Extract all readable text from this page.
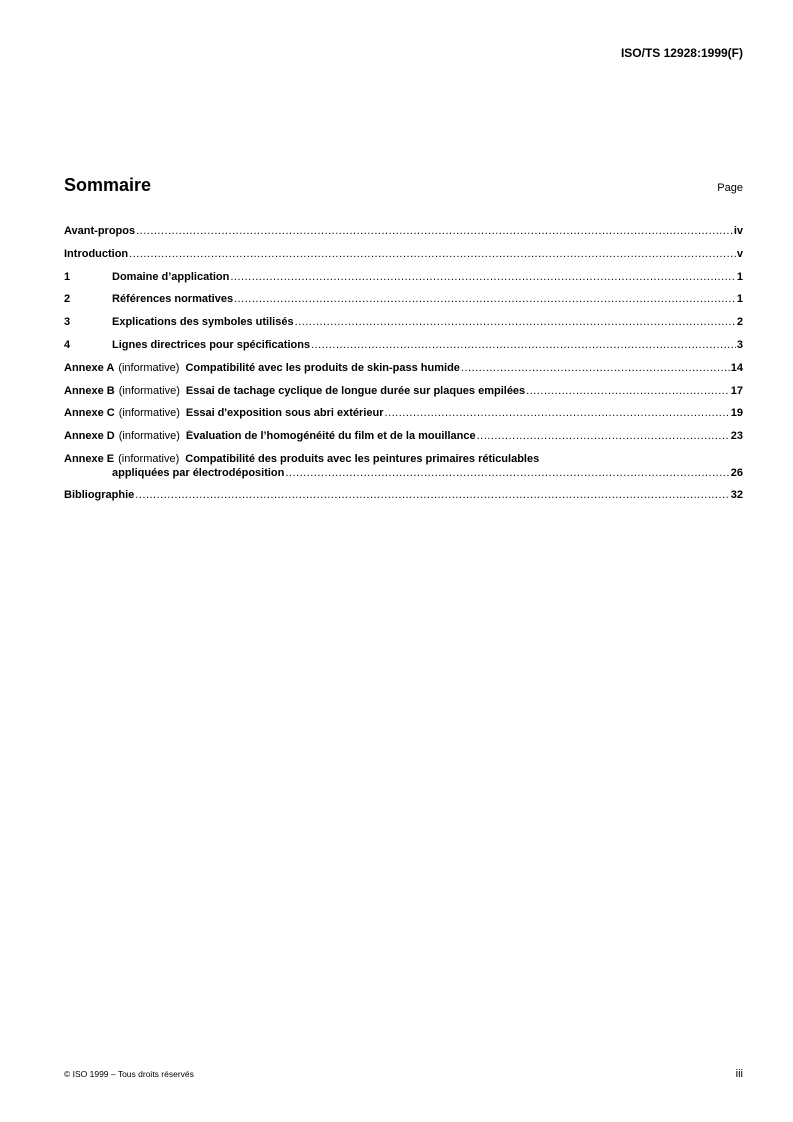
ISO/TS 12928:1999(F)
Sommaire	Page
Avant-propos .....	iv
Introduction .....	v
1	Domaine d’application .....	1
2	Références normatives .....	1
3	Explications des symboles utilisés .....	2
4	Lignes directrices pour spécifications .....	3
Annexe A (informative) Compatibilité avec les produits de skin-pass humide .....	14
Annexe B (informative) Essai de tachage cyclique de longue durée sur plaques empilées .....	17
Annexe C (informative) Essai d'exposition sous abri extérieur .....	19
Annexe D (informative) Évaluation de l’homogénéité du film et de la mouillance .....	23
Annexe E (informative) Compatibilité des produits avec les peintures primaires réticulables
appliquées par électrodéposition .....	26
Bibliographie .....	32
© ISO 1999 – Tous droits réservés	iii
